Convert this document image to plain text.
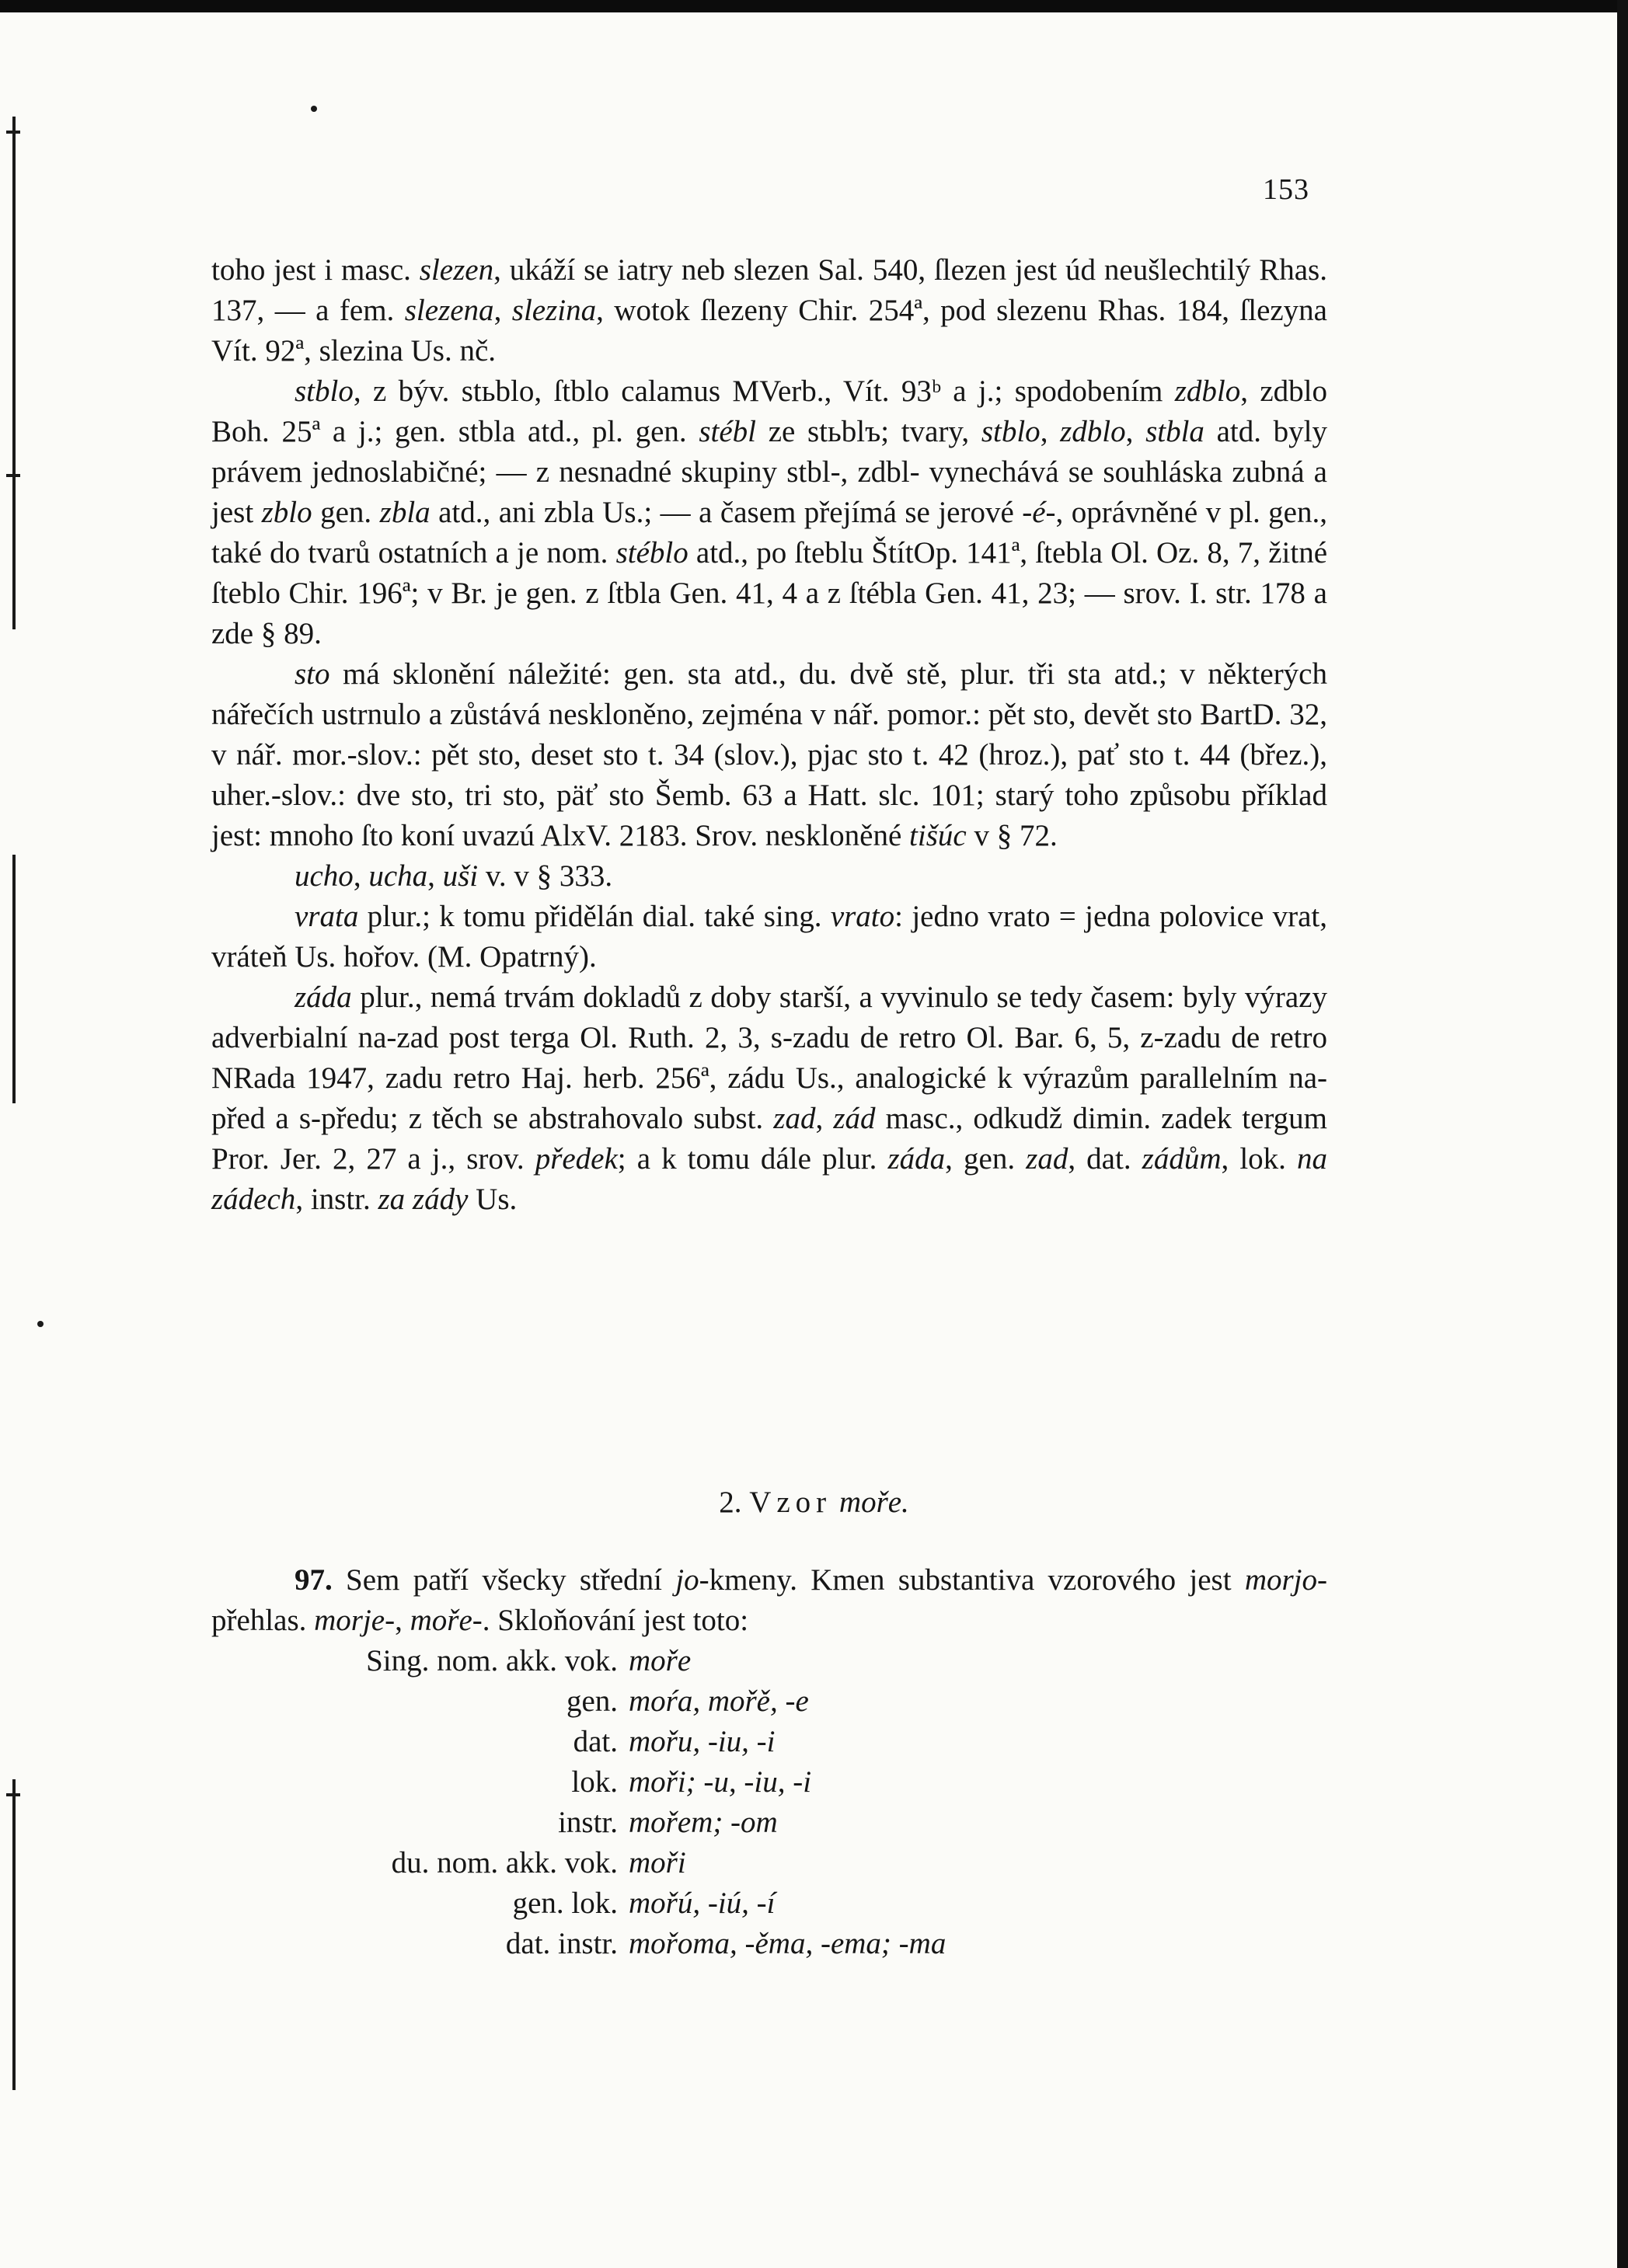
153

toho jest i masc. slezen, ukáží se iatry neb slezen Sal. 540, ſlezen jest úd neušlechtilý Rhas. 137, — a fem. slezena, slezina, wotok ſlezeny Chir. 254ª, pod slezenu Rhas. 184, ſlezyna Vít. 92ª, slezina Us. nč.

stblo, z býv. stьblo, ſtblo calamus MVerb., Vít. 93ᵇ a j.; spodobením zdblo, zdblo Boh. 25ª a j.; gen. stbla atd., pl. gen. stébl ze stьblъ; tvary, stblo, zdblo, stbla atd. byly právem jednoslabičné; — z nesnadné skupiny stbl-, zdbl- vynechává se souhláska zubná a jest zblo gen. zbla atd., ani zbla Us.; — a časem přejímá se jerové -é-, oprávněné v pl. gen., také do tvarů ostatních a je nom. stéblo atd., po ſteblu ŠtítOp. 141ª, ſtebla Ol. Oz. 8, 7, žitné ſteblo Chir. 196ª; v Br. je gen. z ſtbla Gen. 41, 4 a z ſtébla Gen. 41, 23; — srov. I. str. 178 a zde § 89.

sto má sklonění náležité: gen. sta atd., du. dvě stě, plur. tři sta atd.; v některých nářečích ustrnulo a zůstává neskloněno, zejména v nář. pomor.: pět sto, devět sto BartD. 32, v nář. mor.-slov.: pět sto, deset sto t. 34 (slov.), pjac sto t. 42 (hroz.), pať sto t. 44 (břez.), uher.-slov.: dve sto, tri sto, päť sto Šemb. 63 a Hatt. slc. 101; starý toho způsobu příklad jest: mnoho ſto koní uvazú AlxV. 2183. Srov. neskloněné tišúc v § 72.

ucho, ucha, uši v. v § 333.

vrata plur.; k tomu přidělán dial. také sing. vrato: jedno vrato = jedna polovice vrat, vráteň Us. hořov. (M. Opatrný).

záda plur., nemá trvám dokladů z doby starší, a vyvinulo se tedy časem: byly výrazy adverbialní na-zad post terga Ol. Ruth. 2, 3, s-zadu de retro Ol. Bar. 6, 5, z-zadu de retro NRada 1947, zadu retro Haj. herb. 256ª, zádu Us., analogické k výrazům parallelním na-před a s-předu; z těch se abstrahovalo subst. zad, zád masc., odkudž dimin. zadek tergum Pror. Jer. 2, 27 a j., srov. předek; a k tomu dále plur. záda, gen. zad, dat. zádům, lok. na zádech, instr. za zády Us.

2. Vzor moře.

97. Sem patří všecky střední jo-kmeny. Kmen substantiva vzorového jest morjo- přehlas. morje-, moře-. Skloňování jest toto:

Sing. nom. akk. vok. moře
gen. moŕa, mořě, -e
dat. mořu, -iu, -i
lok. moři; -u, -iu, -i
instr. mořem; -om
du. nom. akk. vok. moři
gen. lok. mořú, -iú, -í
dat. instr. mořoma, -ěma, -ema; -ma
